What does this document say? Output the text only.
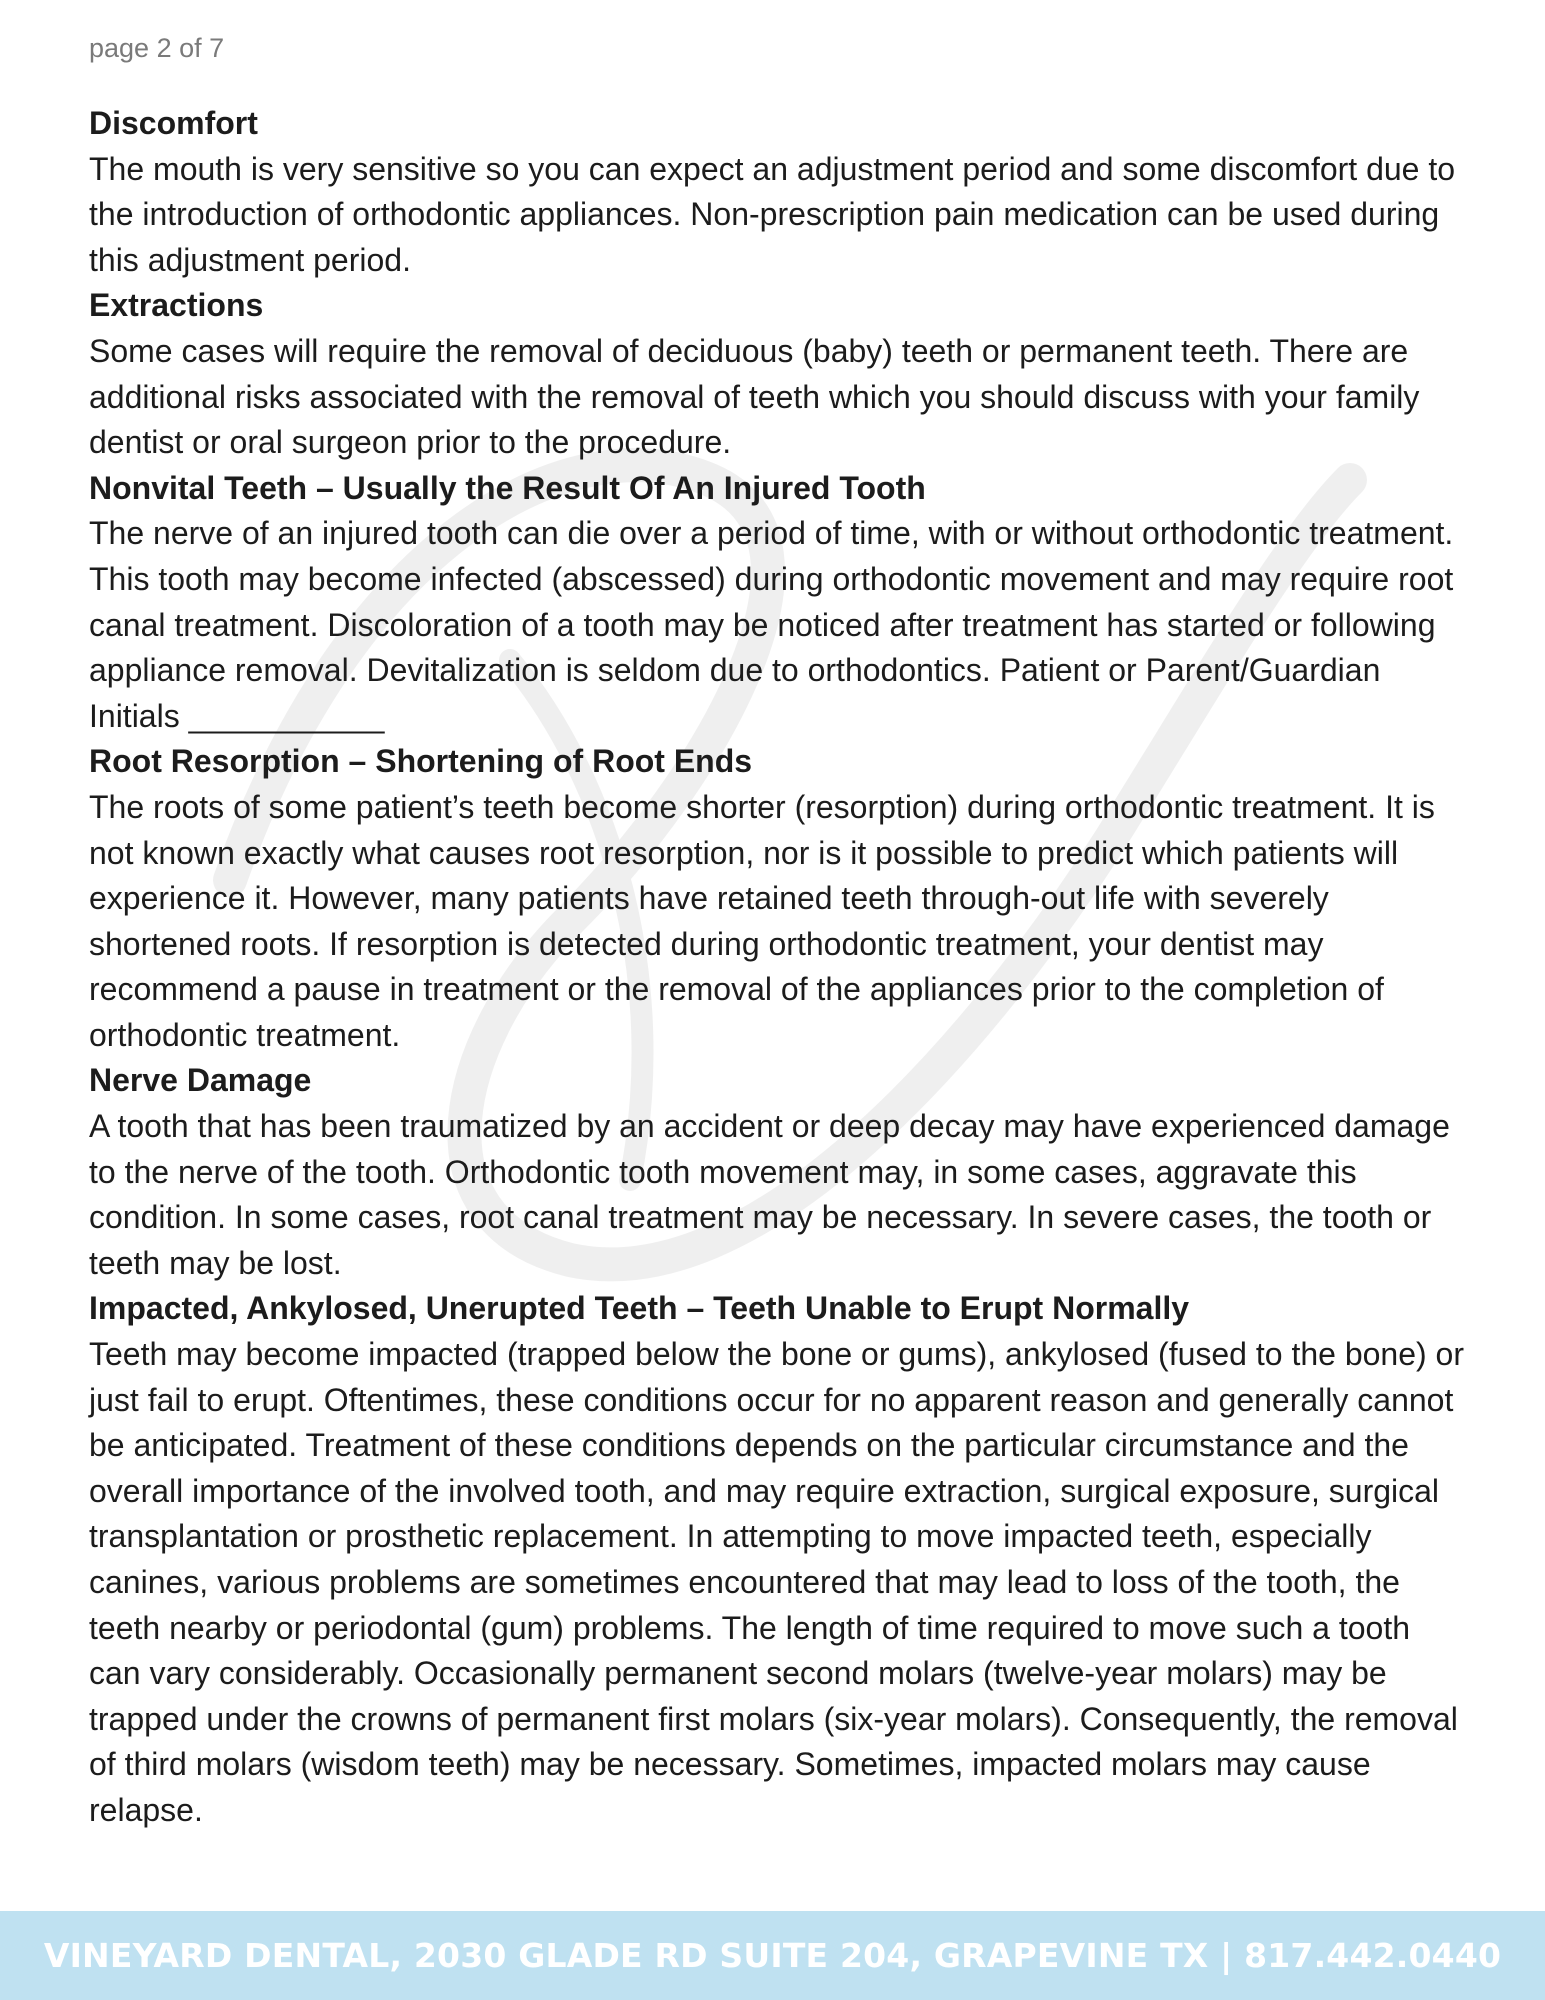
page 2 of 7

Discomfort

The mouth is very sensitive so you can expect an adjustment period and some discomfort due to the introduction of orthodontic appliances. Non-prescription pain medication can be used during this adjustment period.

Extractions

Some cases will require the removal of deciduous (baby) teeth or permanent teeth. There are additional risks associated with the removal of teeth which you should discuss with your family dentist or oral surgeon prior to the procedure.

Nonvital Teeth – Usually the Result Of An Injured Tooth

The nerve of an injured tooth can die over a period of time, with or without orthodontic treatment. This tooth may become infected (abscessed) during orthodontic movement and may require root canal treatment. Discoloration of a tooth may be noticed after treatment has started or following appliance removal. Devitalization is seldom due to orthodontics. Patient or Parent/Guardian Initials ___________

Root Resorption – Shortening of Root Ends

The roots of some patient’s teeth become shorter (resorption) during orthodontic treatment. It is not known exactly what causes root resorption, nor is it possible to predict which patients will experience it. However, many patients have retained teeth through-out life with severely shortened roots. If resorption is detected during orthodontic treatment, your dentist may recommend a pause in treatment or the removal of the appliances prior to the completion of orthodontic treatment.

Nerve Damage

A tooth that has been traumatized by an accident or deep decay may have experienced damage to the nerve of the tooth. Orthodontic tooth movement may, in some cases, aggravate this condition. In some cases, root canal treatment may be necessary. In severe cases, the tooth or teeth may be lost.

Impacted, Ankylosed, Unerupted Teeth – Teeth Unable to Erupt Normally

Teeth may become impacted (trapped below the bone or gums), ankylosed (fused to the bone) or just fail to erupt. Oftentimes, these conditions occur for no apparent reason and generally cannot be anticipated. Treatment of these conditions depends on the particular circumstance and the overall importance of the involved tooth, and may require extraction, surgical exposure, surgical transplantation or prosthetic replacement. In attempting to move impacted teeth, especially canines, various problems are sometimes encountered that may lead to loss of the tooth, the teeth nearby or periodontal (gum) problems. The length of time required to move such a tooth can vary considerably. Occasionally permanent second molars (twelve-year molars) may be trapped under the crowns of permanent first molars (six-year molars). Consequently, the removal of third molars (wisdom teeth) may be necessary. Sometimes, impacted molars may cause relapse.

VINEYARD DENTAL, 2030 GLADE RD SUITE 204, GRAPEVINE TX | 817.442.0440
